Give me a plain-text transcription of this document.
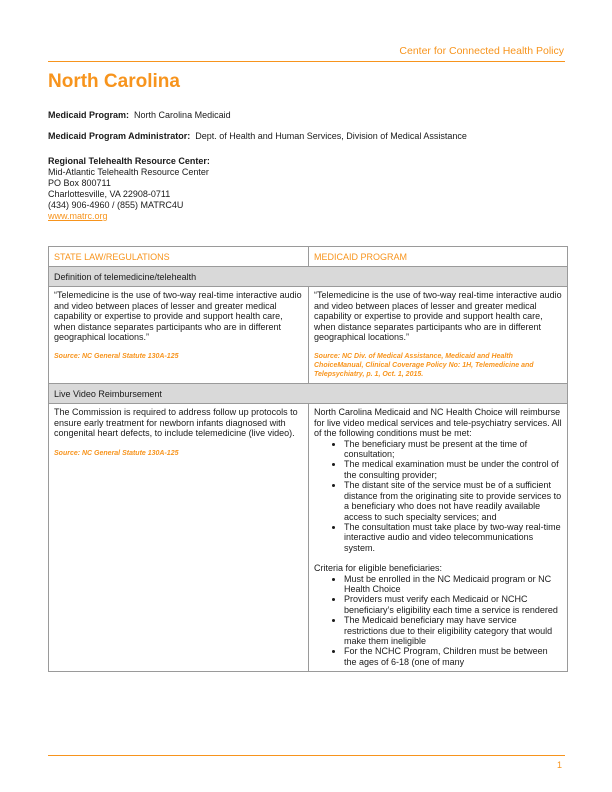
Center for Connected Health Policy
North Carolina
Medicaid Program: North Carolina Medicaid
Medicaid Program Administrator: Dept. of Health and Human Services, Division of Medical Assistance
Regional Telehealth Resource Center:
Mid-Atlantic Telehealth Resource Center
PO Box 800711
Charlottesville, VA 22908-0711
(434) 906-4960 / (855) MATRC4U
www.matrc.org
STATE LAW/REGULATIONS	MEDICAID PROGRAM
Definition of telemedicine/telehealth
“Telemedicine is the use of two-way real-time interactive audio and video between places of lesser and greater medical capability or expertise to provide and support health care, when distance separates participants who are in different geographical locations.”
Source: NC General Statute 130A-125
“Telemedicine is the use of two-way real-time interactive audio and video between places of lesser and greater medical capability or expertise to provide and support health care, when distance separates participants who are in different geographical locations.”
Source: NC Div. of Medical Assistance, Medicaid and Health ChoiceManual, Clinical Coverage Policy No: 1H, Telemedicine and Telepsychiatry, p. 1, Oct. 1, 2015.
Live Video Reimbursement
The Commission is required to address follow up protocols to ensure early treatment for newborn infants diagnosed with congenital heart defects, to include telemedicine (live video).
Source: NC General Statute 130A-125
North Carolina Medicaid and NC Health Choice will reimburse for live video medical services and tele-psychiatry services. All of the following conditions must be met:
• The beneficiary must be present at the time of consultation;
• The medical examination must be under the control of the consulting provider;
• The distant site of the service must be of a sufficient distance from the originating site to provide services to a beneficiary who does not have readily available access to such specialty services; and
• The consultation must take place by two-way real-time interactive audio and video telecommunications system.
Criteria for eligible beneficiaries:
• Must be enrolled in the NC Medicaid program or NC Health Choice
• Providers must verify each Medicaid or NCHC beneficiary’s eligibility each time a service is rendered
• The Medicaid beneficiary may have service restrictions due to their eligibility category that would make them ineligible
• For the NCHC Program, Children must be between the ages of 6-18 (one of many
1
